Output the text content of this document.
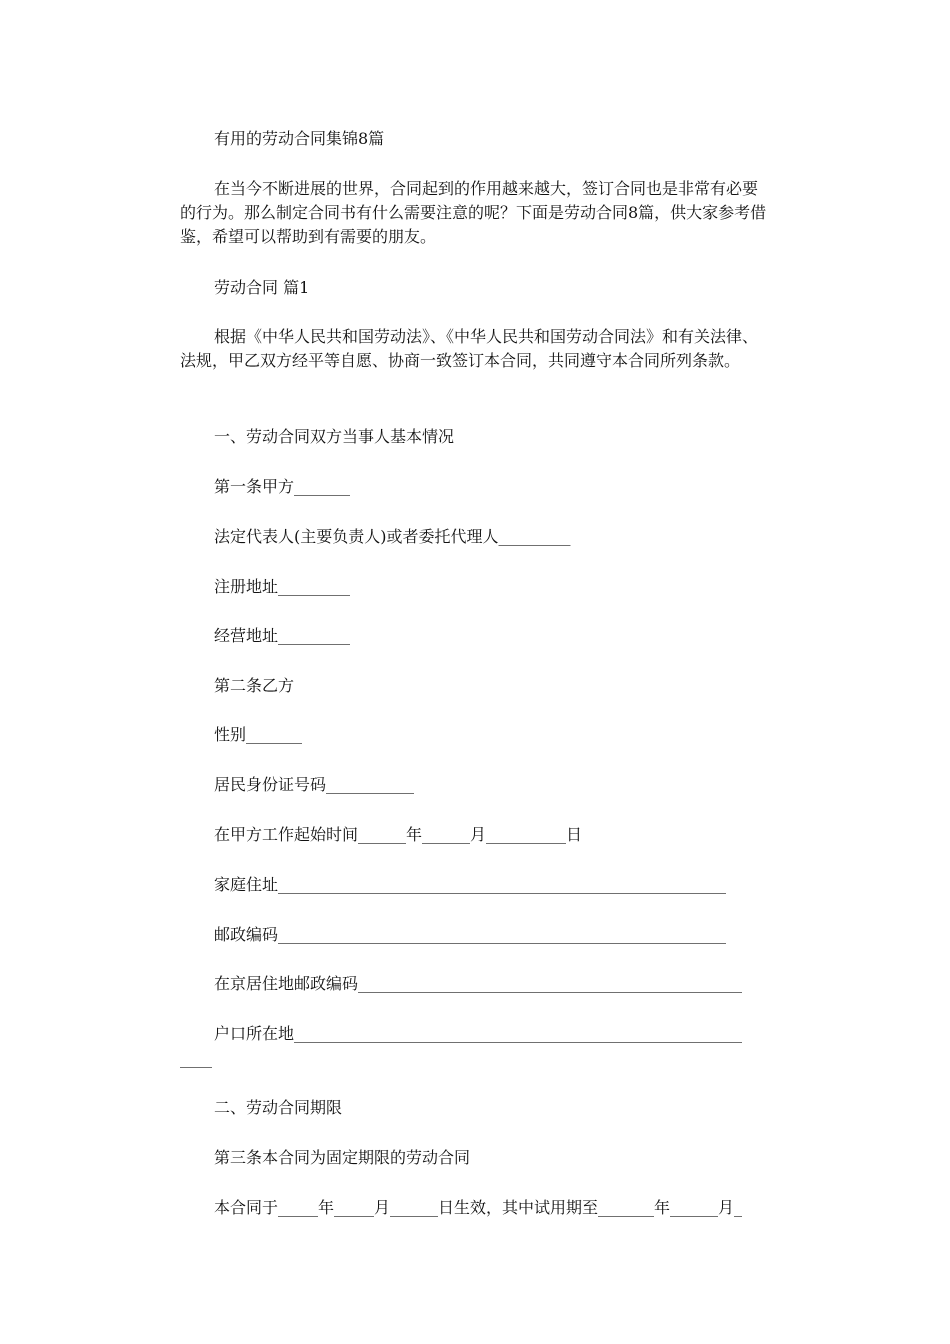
有用的劳动合同集锦8篇
在当今不断进展的世界，合同起到的作用越来越大，签订合同也是非常有必要的行为。那么制定合同书有什么需要注意的呢？下面是劳动合同8篇，供大家参考借鉴，希望可以帮助到有需要的朋友。
劳动合同 篇1
根据《中华人民共和国劳动法》、《中华人民共和国劳动合同法》和有关法律、法规，甲乙双方经平等自愿、协商一致签订本合同，共同遵守本合同所列条款。
一、劳动合同双方当事人基本情况
第一条甲方_______
法定代表人(主要负责人)或者委托代理人_________
注册地址_________
经营地址_________
第二条乙方
性别_______
居民身份证号码___________
在甲方工作起始时间______年______月__________日
家庭住址________________________________________________________
邮政编码________________________________________________________
在京居住地邮政编码________________________________________________
户口所在地________________________________________________________
____
二、劳动合同期限
第三条本合同为固定期限的劳动合同
本合同于_____年_____月______日生效，其中试用期至_______年______月_
